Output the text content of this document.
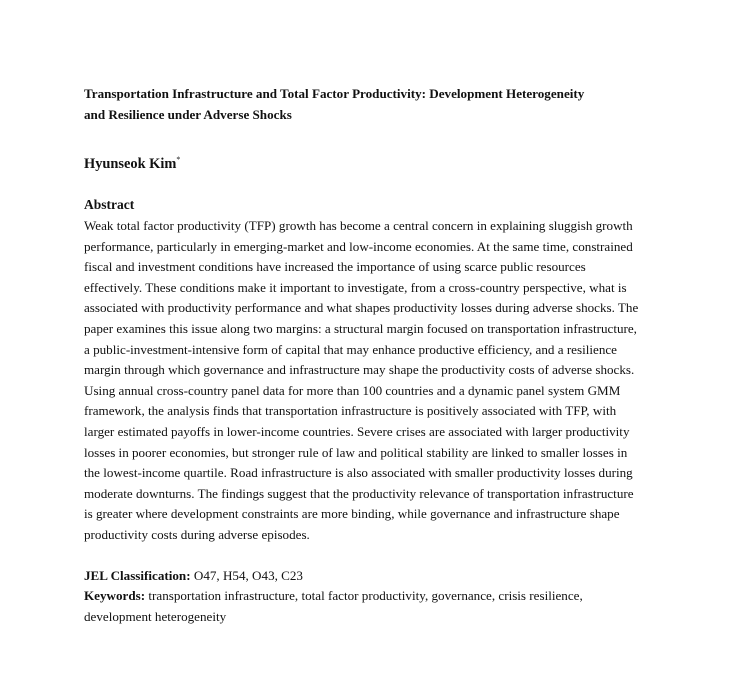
Transportation Infrastructure and Total Factor Productivity: Development Heterogeneity
and Resilience under Adverse Shocks
Hyunseok Kim*
Abstract
Weak total factor productivity (TFP) growth has become a central concern in explaining sluggish growth
performance, particularly in emerging-market and low-income economies. At the same time, constrained
fiscal and investment conditions have increased the importance of using scarce public resources
effectively. These conditions make it important to investigate, from a cross-country perspective, what is
associated with productivity performance and what shapes productivity losses during adverse shocks. The
paper examines this issue along two margins: a structural margin focused on transportation infrastructure,
a public-investment-intensive form of capital that may enhance productive efficiency, and a resilience
margin through which governance and infrastructure may shape the productivity costs of adverse shocks.
Using annual cross-country panel data for more than 100 countries and a dynamic panel system GMM
framework, the analysis finds that transportation infrastructure is positively associated with TFP, with
larger estimated payoffs in lower-income countries. Severe crises are associated with larger productivity
losses in poorer economies, but stronger rule of law and political stability are linked to smaller losses in
the lowest-income quartile. Road infrastructure is also associated with smaller productivity losses during
moderate downturns. The findings suggest that the productivity relevance of transportation infrastructure
is greater where development constraints are more binding, while governance and infrastructure shape
productivity costs during adverse episodes.
JEL Classification: O47, H54, O43, C23
Keywords: transportation infrastructure, total factor productivity, governance, crisis resilience,
development heterogeneity
